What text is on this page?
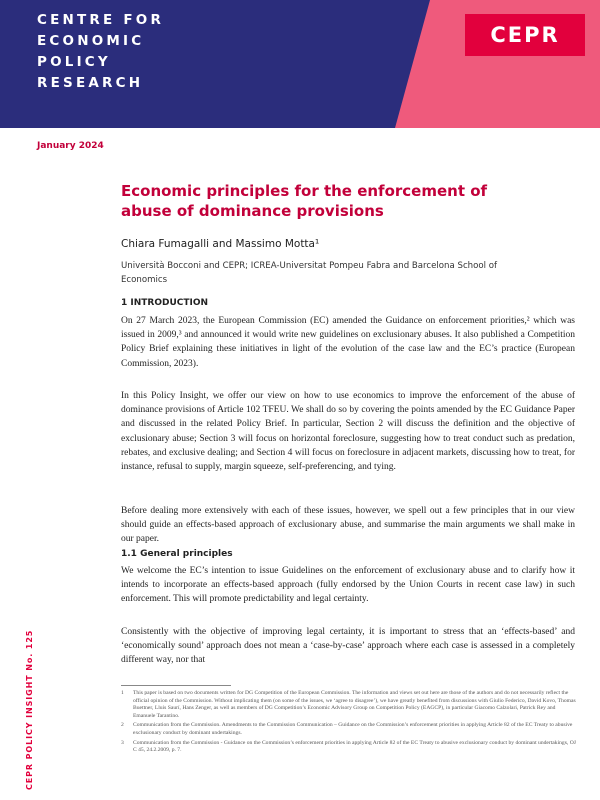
CENTRE FOR
ECONOMIC
POLICY
RESEARCH
CEPR
January 2024
Economic principles for the enforcement of abuse of dominance provisions
Chiara Fumagalli and Massimo Motta¹
Università Bocconi and CEPR; ICREA-Universitat Pompeu Fabra and Barcelona School of Economics
1 INTRODUCTION

On 27 March 2023, the European Commission (EC) amended the Guidance on enforcement priorities,² which was issued in 2009,³ and announced it would write new guidelines on exclusionary abuses. It also published a Competition Policy Brief explaining these initiatives in light of the evolution of the case law and the EC’s practice (European Commission, 2023).

In this Policy Insight, we offer our view on how to use economics to improve the enforcement of the abuse of dominance provisions of Article 102 TFEU. We shall do so by covering the points amended by the EC Guidance Paper and discussed in the related Policy Brief. In particular, Section 2 will discuss the definition and the objective of exclusionary abuse; Section 3 will focus on horizontal foreclosure, suggesting how to treat conduct such as predation, rebates, and exclusive dealing; and Section 4 will focus on foreclosure in adjacent markets, discussing how to treat, for instance, refusal to supply, margin squeeze, self-preferencing, and tying.

Before dealing more extensively with each of these issues, however, we spell out a few principles that in our view should guide an effects-based approach of exclusionary abuse, and summarise the main arguments we shall make in our paper.

1.1 General principles

We welcome the EC’s intention to issue Guidelines on the enforcement of exclusionary abuse and to clarify how it intends to incorporate an effects-based approach (fully endorsed by the Union Courts in recent case law) in such enforcement. This will promote predictability and legal certainty.

Consistently with the objective of improving legal certainty, it is important to stress that an ‘effects-based’ and ‘economically sound’ approach does not mean a ‘case-by-case’ approach where each case is assessed in a completely different way, nor that

CEPR POLICY INSIGHT No. 125	1	This paper is based on two documents written for DG Competition of the European Commission. The information and views set out here are those of the authors and do not necessarily reflect the official opinion of the Commission. Without implicating them (on some of the issues, we ‘agree to disagree’), we have greatly benefited from discussions with Giulio Federico, David Kovo, Thomas Buettner, Lluis Saurí, Hans Zenger, as well as members of DG Competition’s Economic Advisory Group on Competition Policy (EAGCP), in particular Giacomo Calzolari, Patrick Rey and Emanuele Tarantino.
2	Communication from the Commission. Amendments to the Commission Communication – Guidance on the Commission’s enforcement priorities in applying Article 82 of the EC Treaty to abusive exclusionary conduct by dominant undertakings.
3	Communication from the Commission - Guidance on the Commission’s enforcement priorities in applying Article 82 of the EC Treaty to abusive exclusionary conduct by dominant undertakings, OJ C 45, 24.2.2009, p. 7.
